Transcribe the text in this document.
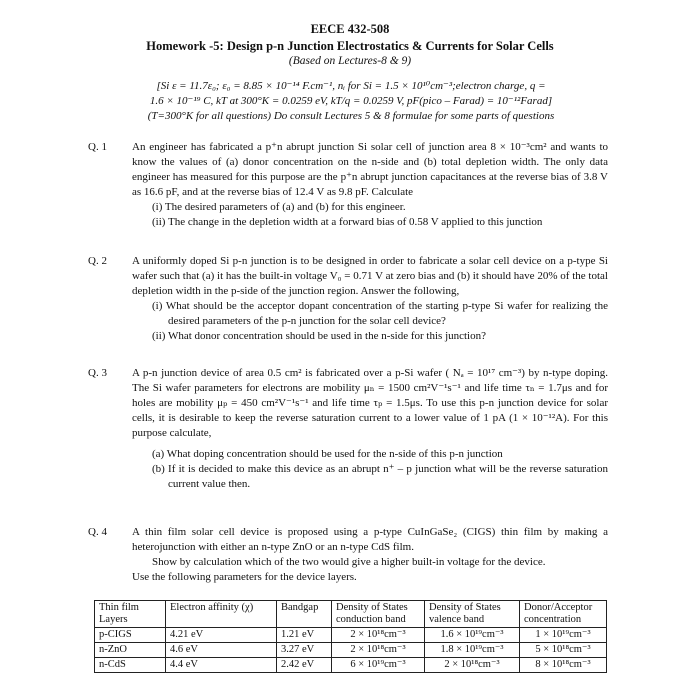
EECE 432-508
Homework -5: Design p-n Junction Electrostatics & Currents for Solar Cells
(Based on Lectures-8 & 9)
[Si ε = 11.7ε₀; ε₀ = 8.85 × 10⁻¹⁴ F.cm⁻¹, nᵢ for Si = 1.5 × 10¹⁰cm⁻³;electron charge, q =
1.6 × 10⁻¹⁹ C, kT at 300°K = 0.0259 eV, kT/q = 0.0259 V, pF(pico – Farad) = 10⁻¹²Farad]
(T=300°K for all questions) Do consult Lectures 5 & 8 formulae for some parts of questions
Q. 1	An engineer has fabricated a p⁺n abrupt junction Si solar cell of junction area 8 × 10⁻³cm² and wants to know the values of (a) donor concentration on the n-side and (b) total depletion width. The only data engineer has measured for this purpose are the p⁺n abrupt junction capacitances at the reverse bias of 3.8 V as 16.6 pF, and at the reverse bias of 12.4 V as 9.8 pF. Calculate
(i) The desired parameters of (a) and (b) for this engineer.
(ii) The change in the depletion width at a forward bias of 0.58 V applied to this junction
Q. 2	A uniformly doped Si p-n junction is to be designed in order to fabricate a solar cell device on a p-type Si wafer such that (a) it has the built-in voltage V₀ = 0.71 V at zero bias and (b) it should have 20% of the total depletion width in the p-side of the junction region. Answer the following,
(i) What should be the acceptor dopant concentration of the starting p-type Si wafer for realizing the desired parameters of the p-n junction for the solar cell device?
(ii) What donor concentration should be used in the n-side for this junction?
Q. 3	A p-n junction device of area 0.5 cm² is fabricated over a p-Si wafer ( Nₐ = 10¹⁷ cm⁻³) by n-type doping. The Si wafer parameters for electrons are mobility μₙ = 1500 cm²V⁻¹s⁻¹ and life time τₙ = 1.7μs and for holes are mobility μₚ = 450 cm²V⁻¹s⁻¹ and life time τₚ = 1.5μs. To use this p-n junction device for solar cells, it is desirable to keep the reverse saturation current to a lower value of 1 pA (1 × 10⁻¹²A). For this purpose calculate,
(a) What doping concentration should be used for the n-side of this p-n junction
(b) If it is decided to make this device as an abrupt n⁺ – p junction what will be the reverse saturation current value then.
Q. 4	A thin film solar cell device is proposed using a p-type CuInGaSe₂ (CIGS) thin film by making a heterojunction with either an n-type ZnO or an n-type CdS film.
Show by calculation which of the two would give a higher built-in voltage for the device.
Use the following parameters for the device layers.
Thin film Layers	Electron affinity (χ)	Bandgap	Density of States conduction band	Density of States valence band	Donor/Acceptor concentration
p-CIGS	4.21 eV	1.21 eV	2 × 10¹⁸cm⁻³	1.6 × 10¹⁹cm⁻³	1 × 10¹⁹cm⁻³
n-ZnO	4.6 eV	3.27 eV	2 × 10¹⁸cm⁻³	1.8 × 10¹⁹cm⁻³	5 × 10¹⁸cm⁻³
n-CdS	4.4 eV	2.42 eV	6 × 10¹⁹cm⁻³	2 × 10¹⁸cm⁻³	8 × 10¹⁸cm⁻³
